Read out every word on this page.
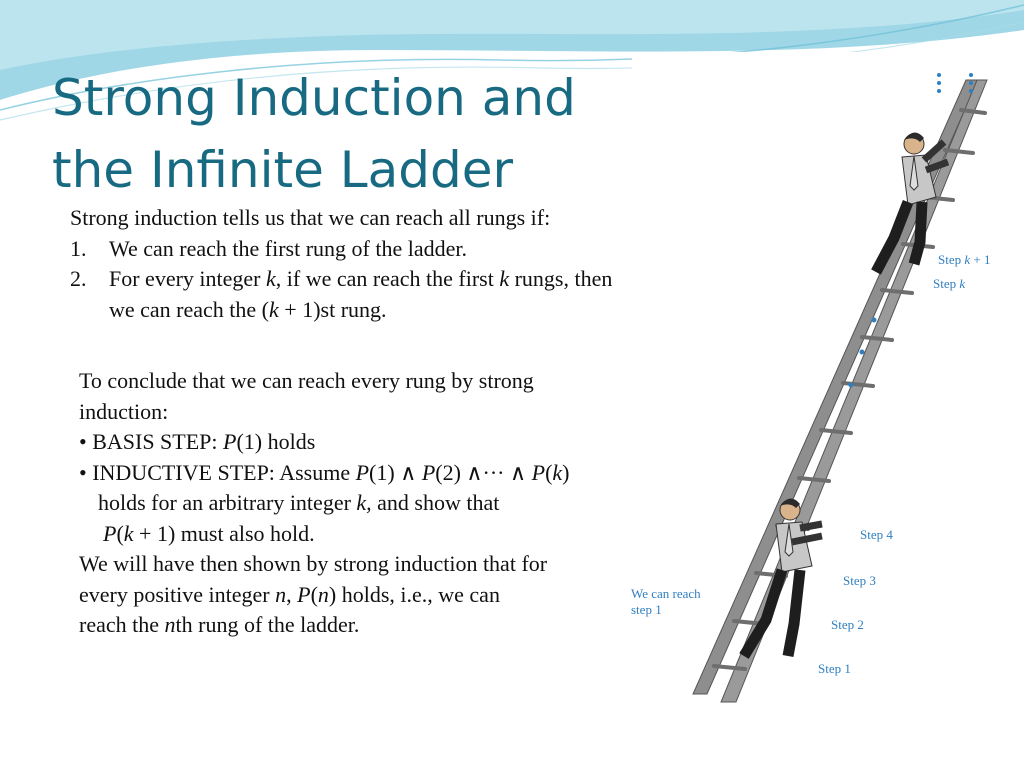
Strong Induction and
the Infinite Ladder
Step k + 1
Step k
Step 4
Step 3
Step 2
Step 1
We can reach
step 1
Strong induction tells us that we can reach all rungs if:
1.	We can reach the first rung of the ladder.
2.	For every integer k, if we can reach the first k rungs, then
we can reach the (k + 1)st rung.
To conclude that we can reach every rung by strong
induction:
• BASIS STEP: P(1) holds
• INDUCTIVE STEP: Assume P(1) ∧ P(2) ∧··· ∧ P(k)
holds for an arbitrary integer k, and show that
P(k + 1) must also hold.
We will have then shown by strong induction that for
every positive integer n, P(n) holds, i.e., we can
reach the nth rung of the ladder.
